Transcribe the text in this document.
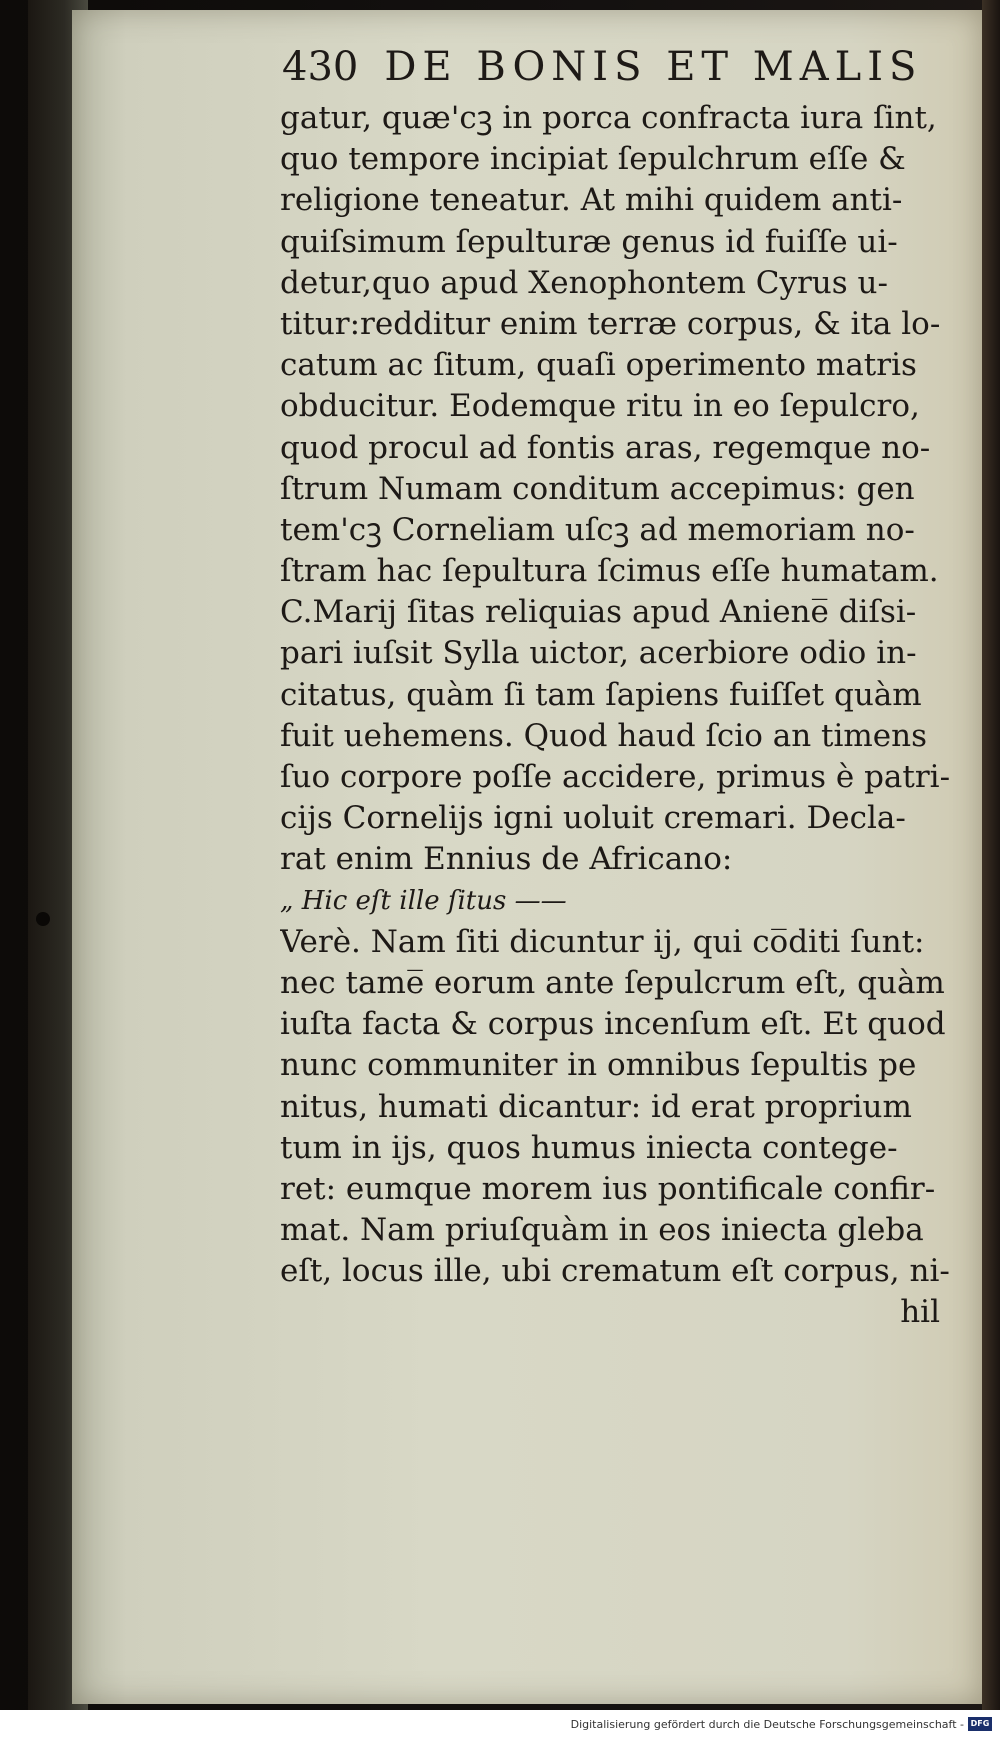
430 DE BONIS ET MALIS
gatur, quæ'cꝫ in porca confracta iura ſint,
quo tempore incipiat ſepulchrum eſſe &
religione teneatur. At mihi quidem anti-
quiſsimum ſepulturæ genus id fuiſſe ui-
detur,quo apud Xenophontem Cyrus u-
titur:redditur enim terræ corpus, & ita lo-
catum ac ſitum, quaſi operimento matris
obducitur. Eodemque ritu in eo ſepulcro,
quod procul ad fontis aras, regemque no-
ſtrum Numam conditum accepimus: gen
tem'cꝫ Corneliam uſcꝫ ad memoriam no-
ſtram hac ſepultura ſcimus eſſe humatam.
C.Marij ſitas reliquias apud Aniene̅ diſsi-
pari iuſsit Sylla uictor, acerbiore odio in-
citatus, quàm ſi tam ſapiens fuiſſet quàm
fuit uehemens. Quod haud ſcio an timens
ſuo corpore poſſe accidere, primus è patri-
cijs Cornelijs igni uoluit cremari. Decla-
rat enim Ennius de Africano:
„ Hic eſt ille ſitus ——
Verè. Nam ſiti dicuntur ij, qui co̅diti ſunt:
nec tame̅ eorum ante ſepulcrum eſt, quàm
iuſta facta & corpus incenſum eſt. Et quod
nunc communiter in omnibus ſepultis pe
nitus, humati dicantur: id erat proprium
tum in ijs, quos humus iniecta contege-
ret: eumque morem ius pontificale confir-
mat. Nam priuſquàm in eos iniecta gleba
eſt, locus ille, ubi crematum eſt corpus, ni-
hil
Digitalisierung gefördert durch die Deutsche Forschungsgemeinschaft - DFG
